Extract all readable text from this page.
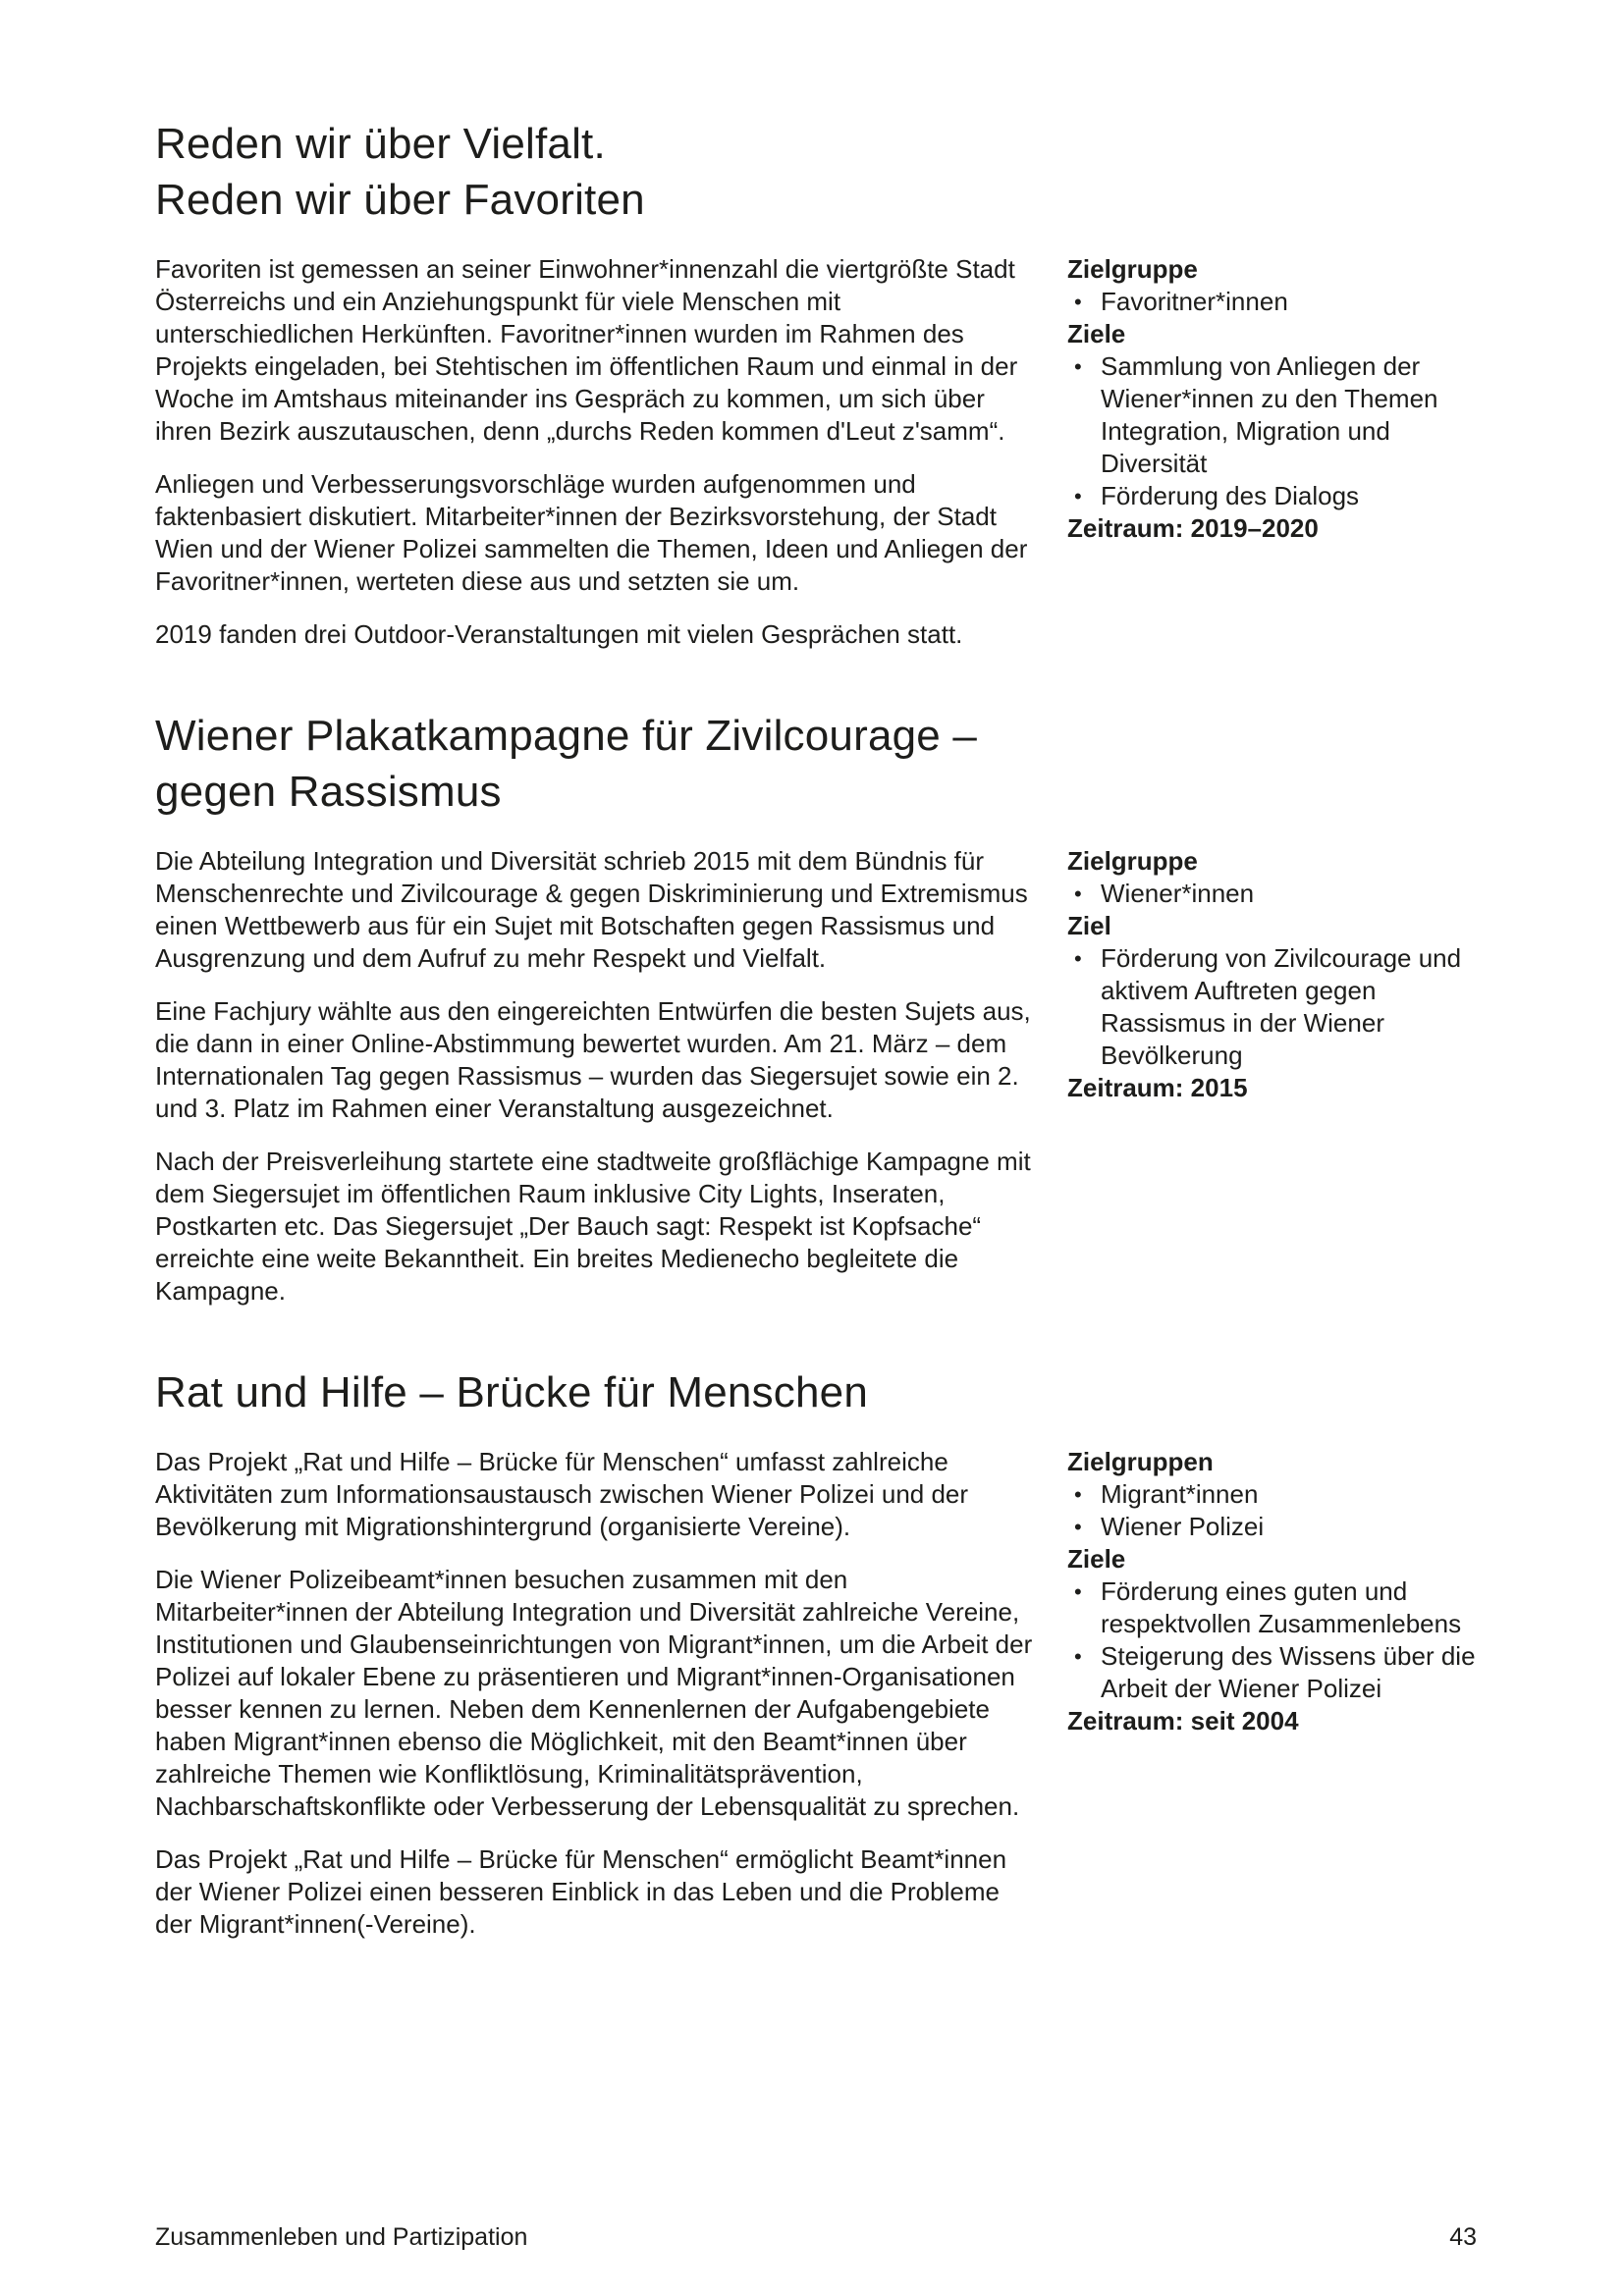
Reden wir über Vielfalt.
Reden wir über Favoriten

Favoriten ist gemessen an seiner Einwohner*innenzahl die viertgrößte Stadt Österreichs und ein Anziehungspunkt für viele Menschen mit unterschiedlichen Herkünften. Favoritner*innen wurden im Rahmen des Projekts eingeladen, bei Stehtischen im öffentlichen Raum und einmal in der Woche im Amtshaus miteinander ins Gespräch zu kommen, um sich über ihren Bezirk auszutauschen, denn „durchs Reden kommen d'Leut z'samm“.

Anliegen und Verbesserungsvorschläge wurden aufgenommen und faktenbasiert diskutiert. Mitarbeiter*innen der Bezirksvorstehung, der Stadt Wien und der Wiener Polizei sammelten die Themen, Ideen und Anliegen der Favoritner*innen, werteten diese aus und setzten sie um.

2019 fanden drei Outdoor-Veranstaltungen mit vielen Gesprächen statt.

Zielgruppe
• Favoritner*innen
Ziele
• Sammlung von Anliegen der Wiener*innen zu den Themen Integration, Migration und Diversität
• Förderung des Dialogs
Zeitraum: 2019–2020
Wiener Plakatkampagne für Zivilcourage –
gegen Rassismus

Die Abteilung Integration und Diversität schrieb 2015 mit dem Bündnis für Menschenrechte und Zivilcourage & gegen Diskriminierung und Extremismus einen Wettbewerb aus für ein Sujet mit Botschaften gegen Rassismus und Ausgrenzung und dem Aufruf zu mehr Respekt und Vielfalt.

Eine Fachjury wählte aus den eingereichten Entwürfen die besten Sujets aus, die dann in einer Online-Abstimmung bewertet wurden. Am 21. März – dem Internationalen Tag gegen Rassismus – wurden das Siegersujet sowie ein 2. und 3. Platz im Rahmen einer Veranstaltung ausgezeichnet.

Nach der Preisverleihung startete eine stadtweite großflächige Kampagne mit dem Siegersujet im öffentlichen Raum inklusive City Lights, Inseraten, Postkarten etc. Das Siegersujet „Der Bauch sagt: Respekt ist Kopfsache“ erreichte eine weite Bekanntheit. Ein breites Medienecho begleitete die Kampagne.

Zielgruppe
• Wiener*innen
Ziel
• Förderung von Zivilcourage und aktivem Auftreten gegen Rassismus in der Wiener Bevölkerung
Zeitraum: 2015
Rat und Hilfe – Brücke für Menschen

Das Projekt „Rat und Hilfe – Brücke für Menschen“ umfasst zahlreiche Aktivitäten zum Informationsaustausch zwischen Wiener Polizei und der Bevölkerung mit Migrationshintergrund (organisierte Vereine).

Die Wiener Polizeibeamt*innen besuchen zusammen mit den Mitarbeiter*innen der Abteilung Integration und Diversität zahlreiche Vereine, Institutionen und Glaubenseinrichtungen von Migrant*innen, um die Arbeit der Polizei auf lokaler Ebene zu präsentieren und Migrant*innen-Organisationen besser kennen zu lernen. Neben dem Kennenlernen der Aufgabengebiete haben Migrant*innen ebenso die Möglichkeit, mit den Beamt*innen über zahlreiche Themen wie Konfliktlösung, Kriminalitätsprävention, Nachbarschaftskonflikte oder Verbesserung der Lebensqualität zu sprechen.

Das Projekt „Rat und Hilfe – Brücke für Menschen“ ermöglicht Beamt*innen der Wiener Polizei einen besseren Einblick in das Leben und die Probleme der Migrant*innen(-Vereine).

Zielgruppen
• Migrant*innen
• Wiener Polizei
Ziele
• Förderung eines guten und respektvollen Zusammenlebens
• Steigerung des Wissens über die Arbeit der Wiener Polizei
Zeitraum: seit 2004
Zusammenleben und Partizipation	43
